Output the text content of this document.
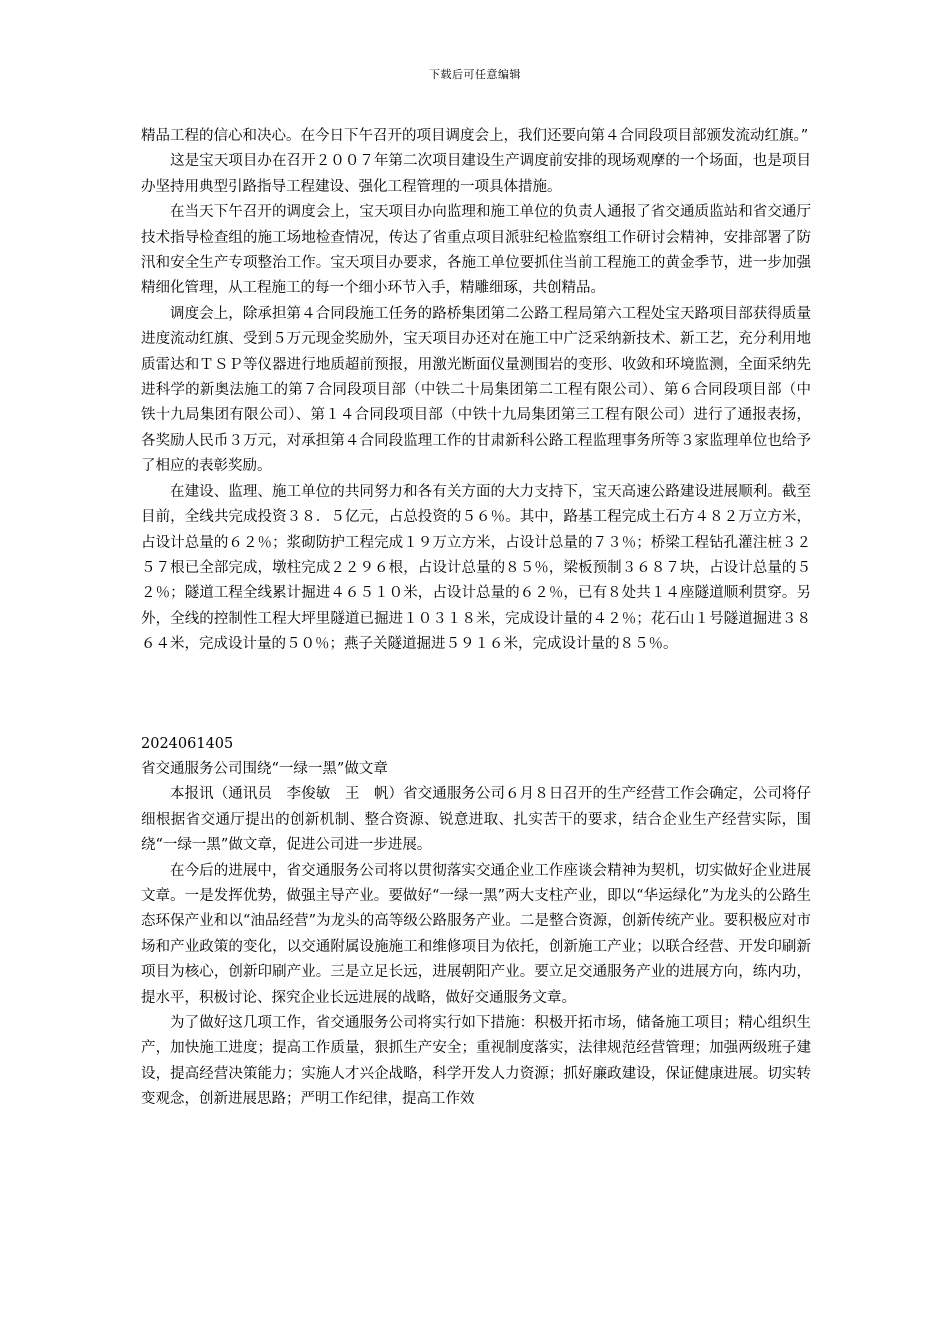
下载后可任意编辑

精品工程的信心和决心。在今日下午召开的项目调度会上，我们还要向第４合同段项目部颁发流动红旗。”

这是宝天项目办在召开２００７年第二次项目建设生产调度前安排的现场观摩的一个场面，也是项目办坚持用典型引路指导工程建设、强化工程管理的一项具体措施。

在当天下午召开的调度会上，宝天项目办向监理和施工单位的负责人通报了省交通质监站和省交通厅技术指导检查组的施工场地检查情况，传达了省重点项目派驻纪检监察组工作研讨会精神，安排部署了防汛和安全生产专项整治工作。宝天项目办要求，各施工单位要抓住当前工程施工的黄金季节，进一步加强精细化管理，从工程施工的每一个细小环节入手，精雕细琢，共创精品。

调度会上，除承担第４合同段施工任务的路桥集团第二公路工程局第六工程处宝天路项目部获得质量进度流动红旗、受到５万元现金奖励外，宝天项目办还对在施工中广泛采纳新技术、新工艺，充分利用地质雷达和ＴＳＰ等仪器进行地质超前预报，用激光断面仪量测围岩的变形、收敛和环境监测，全面采纳先进科学的新奥法施工的第７合同段项目部（中铁二十局集团第二工程有限公司）、第６合同段项目部（中铁十九局集团有限公司）、第１４合同段项目部（中铁十九局集团第三工程有限公司）进行了通报表扬，各奖励人民币３万元，对承担第４合同段监理工作的甘肃新科公路工程监理事务所等３家监理单位也给予了相应的表彰奖励。

在建设、监理、施工单位的共同努力和各有关方面的大力支持下，宝天高速公路建设进展顺利。截至目前，全线共完成投资３８．５亿元，占总投资的５６％。其中，路基工程完成土石方４８２万立方米，占设计总量的６２％；浆砌防护工程完成１９万立方米，占设计总量的７３％；桥梁工程钻孔灌注桩３２５７根已全部完成，墩柱完成２２９６根，占设计总量的８５％，梁板预制３６８７块，占设计总量的５２％；隧道工程全线累计掘进４６５１０米，占设计总量的６２％，已有８处共１４座隧道顺利贯穿。另外，全线的控制性工程大坪里隧道已掘进１０３１８米，完成设计量的４２％；花石山１号隧道掘进３８６４米，完成设计量的５０％；燕子关隧道掘进５９１６米，完成设计量的８５％。

2024061405

省交通服务公司围绕“一绿一黑”做文章

本报讯（通讯员　李俊敏　王　帆）省交通服务公司６月８日召开的生产经营工作会确定，公司将仔细根据省交通厅提出的创新机制、整合资源、锐意进取、扎实苦干的要求，结合企业生产经营实际，围绕“一绿一黑”做文章，促进公司进一步进展。

在今后的进展中，省交通服务公司将以贯彻落实交通企业工作座谈会精神为契机，切实做好企业进展文章。一是发挥优势，做强主导产业。要做好“一绿一黑”两大支柱产业，即以“华运绿化”为龙头的公路生态环保产业和以“油品经营”为龙头的高等级公路服务产业。二是整合资源，创新传统产业。要积极应对市场和产业政策的变化，以交通附属设施施工和维修项目为依托，创新施工产业；以联合经营、开发印刷新项目为核心，创新印刷产业。三是立足长远，进展朝阳产业。要立足交通服务产业的进展方向，练内功，提水平，积极讨论、探究企业长远进展的战略，做好交通服务文章。

为了做好这几项工作，省交通服务公司将实行如下措施：积极开拓市场，储备施工项目；精心组织生产，加快施工进度；提高工作质量，狠抓生产安全；重视制度落实，法律规范经营管理；加强两级班子建设，提高经营决策能力；实施人才兴企战略，科学开发人力资源；抓好廉政建设，保证健康进展。切实转变观念，创新进展思路；严明工作纪律，提高工作效
